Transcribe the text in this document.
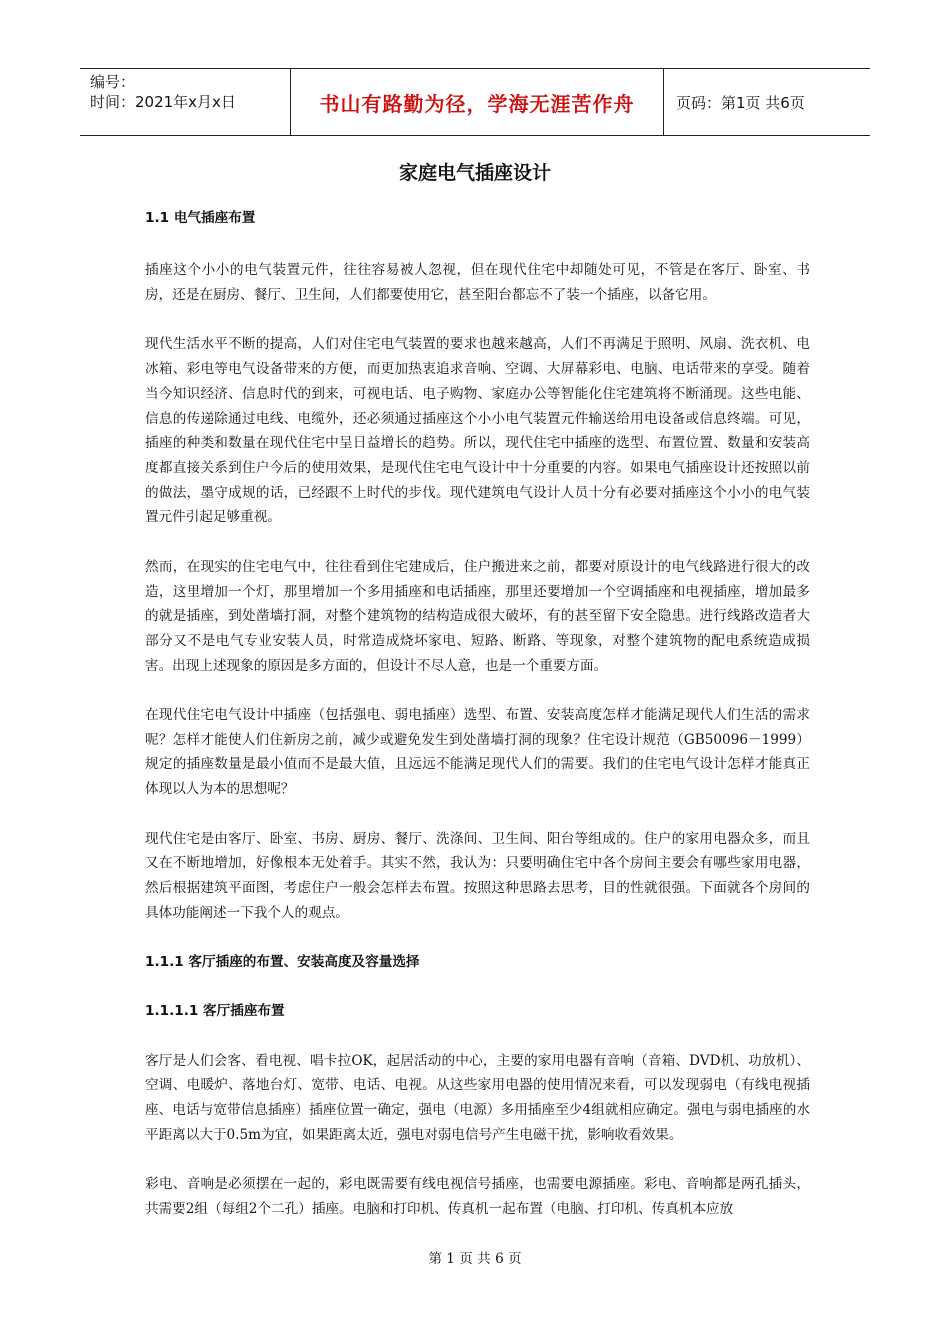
编号：
时间：2021年x月x日	书山有路勤为径，学海无涯苦作舟	页码：第1页 共6页
家庭电气插座设计
1.1 电气插座布置

插座这个小小的电气装置元件，往往容易被人忽视，但在现代住宅中却随处可见，不管是在客厅、卧室、书房，还是在厨房、餐厅、卫生间，人们都要使用它，甚至阳台都忘不了装一个插座，以备它用。

现代生活水平不断的提高，人们对住宅电气装置的要求也越来越高，人们不再满足于照明、风扇、洗衣机、电冰箱、彩电等电气设备带来的方便，而更加热衷追求音响、空调、大屏幕彩电、电脑、电话带来的享受。随着当今知识经济、信息时代的到来，可视电话、电子购物、家庭办公等智能化住宅建筑将不断涌现。这些电能、信息的传递除通过电线、电缆外，还必须通过插座这个小小电气装置元件输送给用电设备或信息终端。可见，插座的种类和数量在现代住宅中呈日益增长的趋势。所以，现代住宅中插座的选型、布置位置、数量和安装高度都直接关系到住户今后的使用效果，是现代住宅电气设计中十分重要的内容。如果电气插座设计还按照以前的做法，墨守成规的话，已经跟不上时代的步伐。现代建筑电气设计人员十分有必要对插座这个小小的电气装置元件引起足够重视。

然而，在现实的住宅电气中，往往看到住宅建成后，住户搬进来之前，都要对原设计的电气线路进行很大的改造，这里增加一个灯，那里增加一个多用插座和电话插座，那里还要增加一个空调插座和电视插座，增加最多的就是插座，到处凿墙打洞，对整个建筑物的结构造成很大破坏，有的甚至留下安全隐患。进行线路改造者大部分又不是电气专业安装人员，时常造成烧坏家电、短路、断路、等现象，对整个建筑物的配电系统造成损害。出现上述现象的原因是多方面的，但设计不尽人意，也是一个重要方面。

在现代住宅电气设计中插座（包括强电、弱电插座）选型、布置、安装高度怎样才能满足现代人们生活的需求呢？怎样才能使人们住新房之前，减少或避免发生到处凿墙打洞的现象？住宅设计规范（GB50096－1999）规定的插座数量是最小值而不是最大值，且远远不能满足现代人们的需要。我们的住宅电气设计怎样才能真正体现以人为本的思想呢？

现代住宅是由客厅、卧室、书房、厨房、餐厅、洗涤间、卫生间、阳台等组成的。住户的家用电器众多，而且又在不断地增加，好像根本无处着手。其实不然，我认为：只要明确住宅中各个房间主要会有哪些家用电器，然后根据建筑平面图，考虑住户一般会怎样去布置。按照这种思路去思考，目的性就很强。下面就各个房间的具体功能阐述一下我个人的观点。

1.1.1 客厅插座的布置、安装高度及容量选择
1.1.1.1 客厅插座布置

客厅是人们会客、看电视、唱卡拉OK，起居活动的中心，主要的家用电器有音响（音箱、DVD机、功放机）、空调、电暖炉、落地台灯、宽带、电话、电视。从这些家用电器的使用情况来看，可以发现弱电（有线电视插座、电话与宽带信息插座）插座位置一确定，强电（电源）多用插座至少4组就相应确定。强电与弱电插座的水平距离以大于0.5m为宜，如果距离太近，强电对弱电信号产生电磁干扰，影响收看效果。

彩电、音响是必须摆在一起的，彩电既需要有线电视信号插座，也需要电源插座。彩电、音响都是两孔插头，共需要2组（每组2个二孔）插座。电脑和打印机、传真机一起布置（电脑、打印机、传真机本应放

第 1 页 共 6 页
